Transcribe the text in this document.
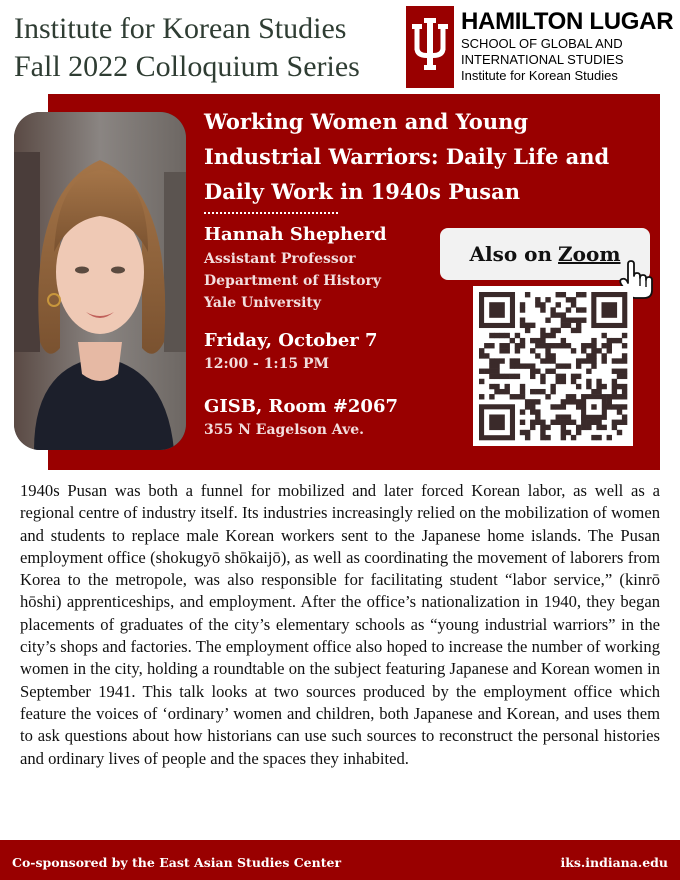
Institute for Korean Studies
Fall 2022 Colloquium Series
HAMILTON LUGAR
SCHOOL OF GLOBAL AND
INTERNATIONAL STUDIES
Institute for Korean Studies
Working Women and Young
Industrial Warriors: Daily Life and
Daily Work in 1940s Pusan
Hannah Shepherd
Assistant Professor
Department of History
Yale University
Friday, October 7
12:00 - 1:15 PM
GISB, Room #2067
355 N Eagelson Ave.
Also on Zoom
1940s Pusan was both a funnel for mobilized and later forced Korean labor, as well as a regional centre of industry itself. Its industries increasingly relied on the mobilization of women and students to replace male Korean workers sent to the Japanese home islands. The Pusan employment office (shokugyō shōkaijō), as well as coordinating the movement of laborers from Korea to the metropole, was also responsible for facilitating student “labor service,” (kinrō hōshi) apprenticeships, and employment. After the office’s nationalization in 1940, they began placements of graduates of the city’s elementary schools as “young industrial warriors” in the city’s shops and factories. The employment office also hoped to increase the number of working women in the city, holding a roundtable on the subject featuring Japanese and Korean women in September 1941. This talk looks at two sources produced by the employment office which feature the voices of ‘ordinary’ women and children, both Japanese and Korean, and uses them to ask questions about how historians can use such sources to reconstruct the personal histories and ordinary lives of people and the spaces they inhabited.
Co-sponsored by the East Asian Studies Center	iks.indiana.edu
